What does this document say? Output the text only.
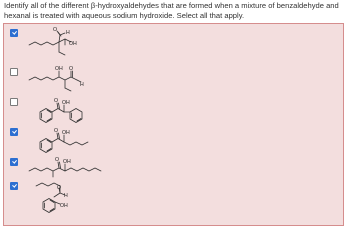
Identify all of the different β-hydroxyaldehydes that are formed when a mixture of benzaldehyde and hexanal is treated with aqueous sodium hydroxide. Select all that apply.
O H
OH
OH O
H
O OH
O OH
O OH
O
H
OH
